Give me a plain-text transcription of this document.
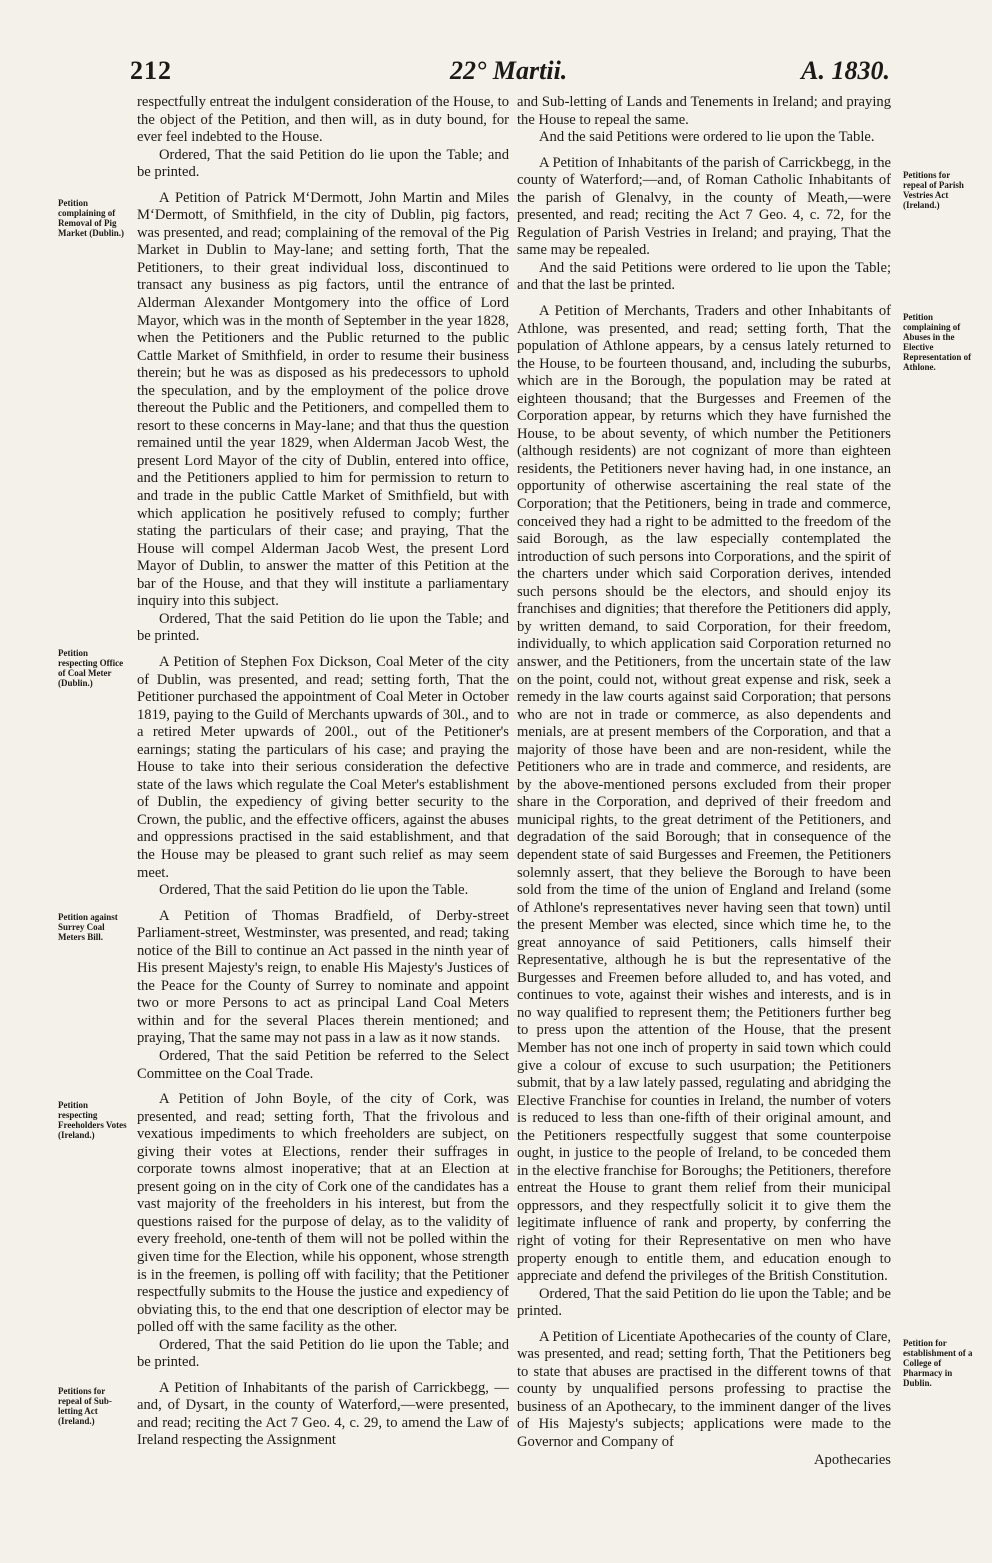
212	22° Martii.	A. 1830.
Petition complaining of Removal of Pig Market (Dublin.)
Petition respecting Office of Coal Meter (Dublin.)
Petition against Surrey Coal Meters Bill.
Petition respecting Freeholders Votes (Ireland.)
Petitions for repeal of Sub-letting Act (Ireland.)
Petitions for repeal of Parish Vestries Act (Ireland.)
Petition complaining of Abuses in the Elective Representation of Athlone.
Petition for establishment of a College of Pharmacy in Dublin.

respectfully entreat the indulgent consideration of the House, to the object of the Petition, and then will, as in duty bound, for ever feel indebted to the House.

Ordered, That the said Petition do lie upon the Table; and be printed.

A Petition of Patrick M‘Dermott, John Martin and Miles M‘Dermott, of Smithfield, in the city of Dublin, pig factors, was presented, and read; complaining of the removal of the Pig Market in Dublin to May-lane; and setting forth, That the Petitioners, to their great individual loss, discontinued to transact any business as pig factors, until the entrance of Alderman Alexander Montgomery into the office of Lord Mayor, which was in the month of September in the year 1828, when the Petitioners and the Public returned to the public Cattle Market of Smithfield, in order to resume their business therein; but he was as disposed as his predecessors to uphold the speculation, and by the employment of the police drove thereout the Public and the Petitioners, and compelled them to resort to these concerns in May-lane; and that thus the question remained until the year 1829, when Alderman Jacob West, the present Lord Mayor of the city of Dublin, entered into office, and the Petitioners applied to him for permission to return to and trade in the public Cattle Market of Smithfield, but with which application he positively refused to comply; further stating the particulars of their case; and praying, That the House will compel Alderman Jacob West, the present Lord Mayor of Dublin, to answer the matter of this Petition at the bar of the House, and that they will institute a parliamentary inquiry into this subject.

Ordered, That the said Petition do lie upon the Table; and be printed.

A Petition of Stephen Fox Dickson, Coal Meter of the city of Dublin, was presented, and read; setting forth, That the Petitioner purchased the appointment of Coal Meter in October 1819, paying to the Guild of Merchants upwards of 30l., and to a retired Meter upwards of 200l., out of the Petitioner's earnings; stating the particulars of his case; and praying the House to take into their serious consideration the defective state of the laws which regulate the Coal Meter's establishment of Dublin, the expediency of giving better security to the Crown, the public, and the effective officers, against the abuses and oppressions practised in the said establishment, and that the House may be pleased to grant such relief as may seem meet.

Ordered, That the said Petition do lie upon the Table.

A Petition of Thomas Bradfield, of Derby-street Parliament-street, Westminster, was presented, and read; taking notice of the Bill to continue an Act passed in the ninth year of His present Majesty's reign, to enable His Majesty's Justices of the Peace for the County of Surrey to nominate and appoint two or more Persons to act as principal Land Coal Meters within and for the several Places therein mentioned; and praying, That the same may not pass in a law as it now stands.

Ordered, That the said Petition be referred to the Select Committee on the Coal Trade.

A Petition of John Boyle, of the city of Cork, was presented, and read; setting forth, That the frivolous and vexatious impediments to which freeholders are subject, on giving their votes at Elections, render their suffrages in corporate towns almost inoperative; that at an Election at present going on in the city of Cork one of the candidates has a vast majority of the freeholders in his interest, but from the questions raised for the purpose of delay, as to the validity of every freehold, one-tenth of them will not be polled within the given time for the Election, while his opponent, whose strength is in the freemen, is polling off with facility; that the Petitioner respectfully submits to the House the justice and expediency of obviating this, to the end that one description of elector may be polled off with the same facility as the other.

Ordered, That the said Petition do lie upon the Table; and be printed.

A Petition of Inhabitants of the parish of Carrickbegg, —and, of Dysart, in the county of Waterford,—were presented, and read; reciting the Act 7 Geo. 4, c. 29, to amend the Law of Ireland respecting the Assignment

and Sub-letting of Lands and Tenements in Ireland; and praying the House to repeal the same.

And the said Petitions were ordered to lie upon the Table.

A Petition of Inhabitants of the parish of Carrickbegg, in the county of Waterford;—and, of Roman Catholic Inhabitants of the parish of Glenalvy, in the county of Meath,—were presented, and read; reciting the Act 7 Geo. 4, c. 72, for the Regulation of Parish Vestries in Ireland; and praying, That the same may be repealed.

And the said Petitions were ordered to lie upon the Table; and that the last be printed.

A Petition of Merchants, Traders and other Inhabitants of Athlone, was presented, and read; setting forth, That the population of Athlone appears, by a census lately returned to the House, to be fourteen thousand, and, including the suburbs, which are in the Borough, the population may be rated at eighteen thousand; that the Burgesses and Freemen of the Corporation appear, by returns which they have furnished the House, to be about seventy, of which number the Petitioners (although residents) are not cognizant of more than eighteen residents, the Petitioners never having had, in one instance, an opportunity of otherwise ascertaining the real state of the Corporation; that the Petitioners, being in trade and commerce, conceived they had a right to be admitted to the freedom of the said Borough, as the law especially contemplated the introduction of such persons into Corporations, and the spirit of the charters under which said Corporation derives, intended such persons should be the electors, and should enjoy its franchises and dignities; that therefore the Petitioners did apply, by written demand, to said Corporation, for their freedom, individually, to which application said Corporation returned no answer, and the Petitioners, from the uncertain state of the law on the point, could not, without great expense and risk, seek a remedy in the law courts against said Corporation; that persons who are not in trade or commerce, as also dependents and menials, are at present members of the Corporation, and that a majority of those have been and are non-resident, while the Petitioners who are in trade and commerce, and residents, are by the above-mentioned persons excluded from their proper share in the Corporation, and deprived of their freedom and municipal rights, to the great detriment of the Petitioners, and degradation of the said Borough; that in consequence of the dependent state of said Burgesses and Freemen, the Petitioners solemnly assert, that they believe the Borough to have been sold from the time of the union of England and Ireland (some of Athlone's representatives never having seen that town) until the present Member was elected, since which time he, to the great annoyance of said Petitioners, calls himself their Representative, although he is but the representative of the Burgesses and Freemen before alluded to, and has voted, and continues to vote, against their wishes and interests, and is in no way qualified to represent them; the Petitioners further beg to press upon the attention of the House, that the present Member has not one inch of property in said town which could give a colour of excuse to such usurpation; the Petitioners submit, that by a law lately passed, regulating and abridging the Elective Franchise for counties in Ireland, the number of voters is reduced to less than one-fifth of their original amount, and the Petitioners respectfully suggest that some counterpoise ought, in justice to the people of Ireland, to be conceded them in the elective franchise for Boroughs; the Petitioners, therefore entreat the House to grant them relief from their municipal oppressors, and they respectfully solicit it to give them the legitimate influence of rank and property, by conferring the right of voting for their Representative on men who have property enough to entitle them, and education enough to appreciate and defend the privileges of the British Constitution.

Ordered, That the said Petition do lie upon the Table; and be printed.

A Petition of Licentiate Apothecaries of the county of Clare, was presented, and read; setting forth, That the Petitioners beg to state that abuses are practised in the different towns of that county by unqualified persons professing to practise the business of an Apothecary, to the imminent danger of the lives of His Majesty's subjects; applications were made to the Governor and Company of

Apothecaries
